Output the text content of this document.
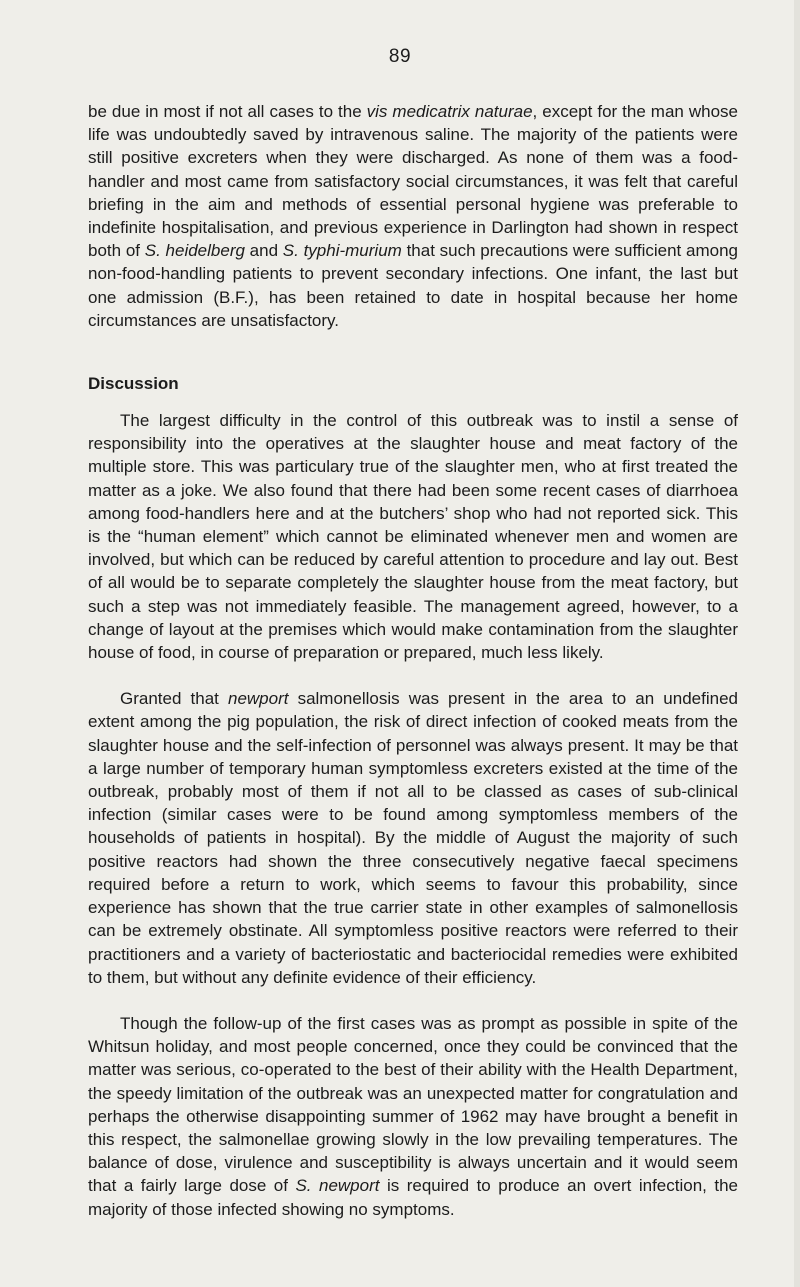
89

be due in most if not all cases to the vis medicatrix naturae, except for the man whose life was undoubtedly saved by intravenous saline. The majority of the patients were still positive excreters when they were discharged. As none of them was a food-handler and most came from satisfactory social circumstances, it was felt that careful briefing in the aim and methods of essential personal hygiene was preferable to indefinite hospitalisation, and previous experience in Darlington had shown in respect both of S. heidelberg and S. typhi-murium that such precautions were sufficient among non-food-handling patients to prevent secondary infections. One infant, the last but one admission (B.F.), has been retained to date in hospital because her home circumstances are unsatisfactory.

Discussion

The largest difficulty in the control of this outbreak was to instil a sense of responsibility into the operatives at the slaughter house and meat factory of the multiple store. This was particulary true of the slaughter men, who at first treated the matter as a joke. We also found that there had been some recent cases of diarrhoea among food-handlers here and at the butchers’ shop who had not reported sick. This is the “human element” which cannot be eliminated whenever men and women are involved, but which can be reduced by careful attention to procedure and lay out. Best of all would be to separate completely the slaughter house from the meat factory, but such a step was not immediately feasible. The management agreed, however, to a change of layout at the premises which would make contamination from the slaughter house of food, in course of preparation or prepared, much less likely.

Granted that newport salmonellosis was present in the area to an undefined extent among the pig population, the risk of direct infection of cooked meats from the slaughter house and the self-infection of personnel was always present. It may be that a large number of temporary human symptomless excreters existed at the time of the outbreak, probably most of them if not all to be classed as cases of sub-clinical infection (similar cases were to be found among symptomless members of the households of patients in hospital). By the middle of August the majority of such positive reactors had shown the three consecutively negative faecal specimens required before a return to work, which seems to favour this probability, since experience has shown that the true carrier state in other examples of salmonellosis can be extremely obstinate. All symptomless positive reactors were referred to their practitioners and a variety of bacteriostatic and bacteriocidal remedies were exhibited to them, but without any definite evidence of their efficiency.

Though the follow-up of the first cases was as prompt as possible in spite of the Whitsun holiday, and most people concerned, once they could be convinced that the matter was serious, co-operated to the best of their ability with the Health Department, the speedy limitation of the outbreak was an unexpected matter for congratulation and perhaps the otherwise disappointing summer of 1962 may have brought a benefit in this respect, the salmonellae growing slowly in the low prevailing temperatures. The balance of dose, virulence and susceptibility is always uncertain and it would seem that a fairly large dose of S. newport is required to produce an overt infection, the majority of those infected showing no symptoms.
